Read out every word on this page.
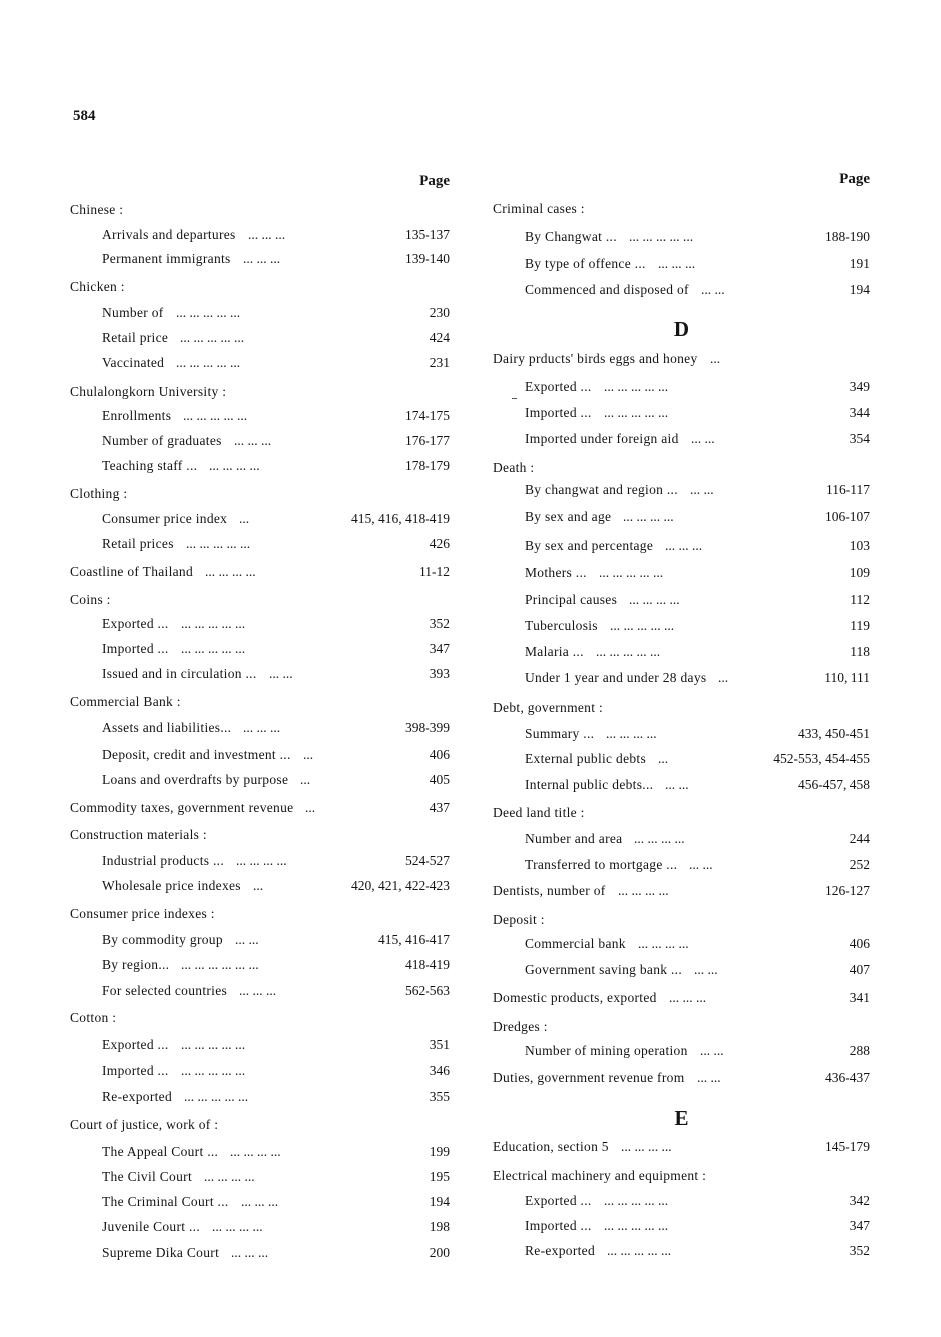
584
Page
Chinese :
Arrivals and departures ... ... ...	135-137
Permanent immigrants ... ... ...	139-140
Chicken :
Number of ... ... ... ... ...	230
Retail price ... ... ... ... ...	424
Vaccinated ... ... ... ... ...	231
Chulalongkorn University :
Enrollments ... ... ... ... ...	174-175
Number of graduates ... ... ...	176-177
Teaching staff ... ... ... ... ...	178-179
Clothing :
Consumer price index ...	415, 416, 418-419
Retail prices ... ... ... ... ...	426
Coastline of Thailand ... ... ... ...	11-12
Coins :
Exported ... ... ... ... ... ...	352
Imported ... ... ... ... ... ...	347
Issued and in circulation ... ... ...	393
Commercial Bank :
Assets and liabilities... ... ... ...	398-399
Deposit, credit and investment ... ...	406
Loans and overdrafts by purpose ...	405
Commodity taxes, government revenue ...	437
Construction materials :
Industrial products ... ... ... ... ...	524-527
Wholesale price indexes ...	420, 421, 422-423
Consumer price indexes :
By commodity group ... ...	415, 416-417
By region... ... ... ... ... ... ...	418-419
For selected countries ... ... ...	562-563
Cotton :
Exported ... ... ... ... ... ...	351
Imported ... ... ... ... ... ...	346
Re-exported ... ... ... ... ...	355
Court of justice, work of :
The Appeal Court ... ... ... ... ...	199
The Civil Court ... ... ... ...	195
The Criminal Court ... ... ... ...	194
Juvenile Court ... ... ... ... ...	198
Supreme Dika Court ... ... ...	200
Page
Criminal cases :
By Changwat ... ... ... ... ... ...	188-190
By type of offence ... ... ... ...	191
Commenced and disposed of ... ...	194
D
Dairy prducts' birds eggs and honey ...
Exported ... ... ... ... ... ...	349
Imported ... ... ... ... ... ...	344
Imported under foreign aid ... ...	354
Death :
By changwat and region ... ... ...	116-117
By sex and age ... ... ... ...	106-107
By sex and percentage ... ... ...	103
Mothers ... ... ... ... ... ...	109
Principal causes ... ... ... ...	112
Tuberculosis ... ... ... ... ...	119
Malaria ... ... ... ... ... ...	118
Under 1 year and under 28 days ...	110, 111
Debt, government :
Summary ... ... ... ... ...	433, 450-451
External public debts ...	452-553, 454-455
Internal public debts... ... ...	456-457, 458
Deed land title :
Number and area ... ... ... ...	244
Transferred to mortgage ... ... ...	252
Dentists, number of ... ... ... ...	126-127
Deposit :
Commercial bank ... ... ... ...	406
Government saving bank ... ... ...	407
Domestic products, exported ... ... ...	341
Dredges :
Number of mining operation ... ...	288
Duties, government revenue from ... ...	436-437
E
Education, section 5 ... ... ... ...	145-179
Electrical machinery and equipment :
Exported ... ... ... ... ... ...	342
Imported ... ... ... ... ... ...	347
Re-exported ... ... ... ... ...	352
